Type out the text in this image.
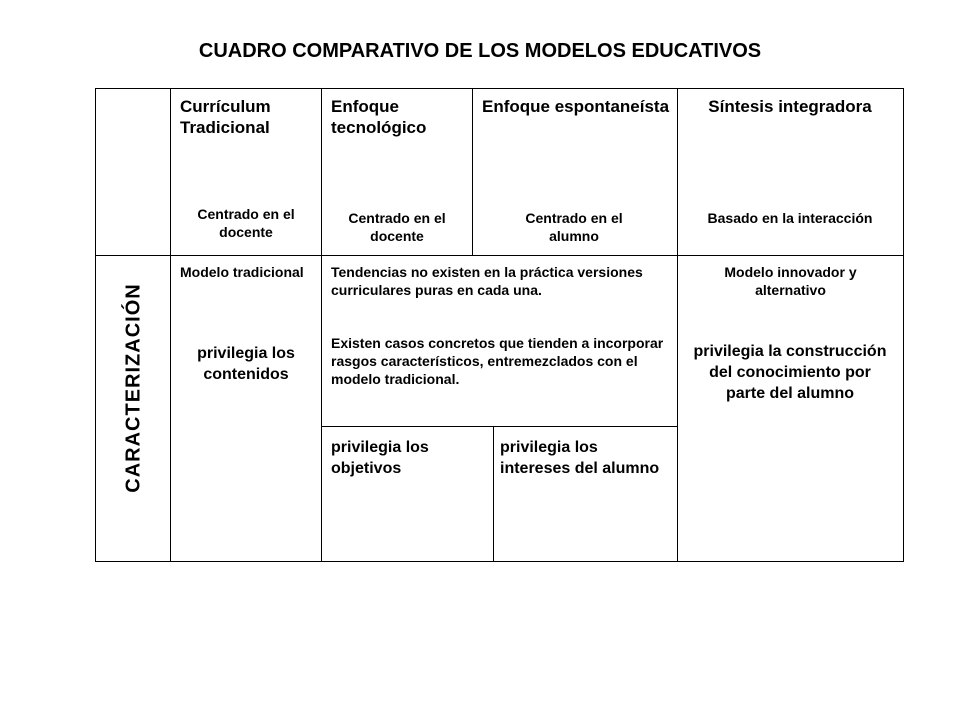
CUADRO COMPARATIVO DE LOS MODELOS EDUCATIVOS
Currículum Tradicional
Centrado en el docente
Enfoque tecnológico
Centrado en el docente
Enfoque espontaneísta
Centrado en el alumno
Síntesis integradora
Basado en la interacción
CARACTERIZACIÓN
Modelo tradicional
privilegia los contenidos
Tendencias no existen en la práctica versiones curriculares puras en cada una.
Existen casos concretos que tienden a incorporar rasgos característicos, entremezclados con el modelo tradicional.
privilegia los objetivos
privilegia los intereses del alumno
Modelo innovador y alternativo
privilegia la construcción del conocimiento por parte del alumno
